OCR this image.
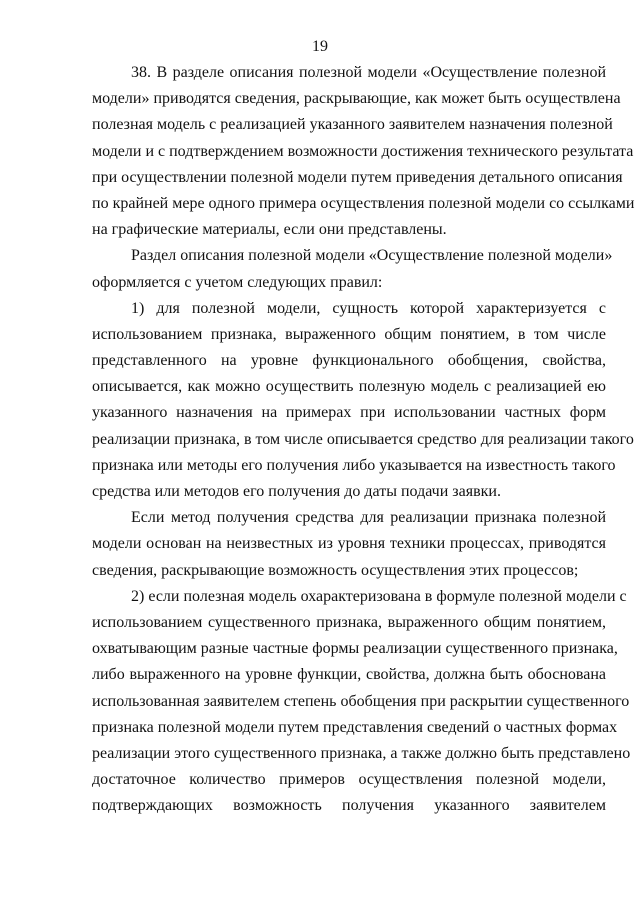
19
38. В разделе описания полезной модели «Осуществление полезной
модели» приводятся сведения, раскрывающие, как может быть осуществлена
полезная модель с реализацией указанного заявителем назначения полезной
модели и с подтверждением возможности достижения технического результата
при осуществлении полезной модели путем приведения детального описания
по крайней мере одного примера осуществления полезной модели со ссылками
на графические материалы, если они представлены.
Раздел описания полезной модели «Осуществление полезной модели»
оформляется с учетом следующих правил:
1) для полезной модели, сущность которой характеризуется с
использованием признака, выраженного общим понятием, в том числе
представленного на уровне функционального обобщения, свойства,
описывается, как можно осуществить полезную модель с реализацией ею
указанного назначения на примерах при использовании частных форм
реализации признака, в том числе описывается средство для реализации такого
признака или методы его получения либо указывается на известность такого
средства или методов его получения до даты подачи заявки.
Если метод получения средства для реализации признака полезной
модели основан на неизвестных из уровня техники процессах, приводятся
сведения, раскрывающие возможность осуществления этих процессов;
2) если полезная модель охарактеризована в формуле полезной модели с
использованием существенного признака, выраженного общим понятием,
охватывающим разные частные формы реализации существенного признака,
либо выраженного на уровне функции, свойства, должна быть обоснована
использованная заявителем степень обобщения при раскрытии существенного
признака полезной модели путем представления сведений о частных формах
реализации этого существенного признака, а также должно быть представлено
достаточное количество примеров осуществления полезной модели,
подтверждающих возможность получения указанного заявителем
